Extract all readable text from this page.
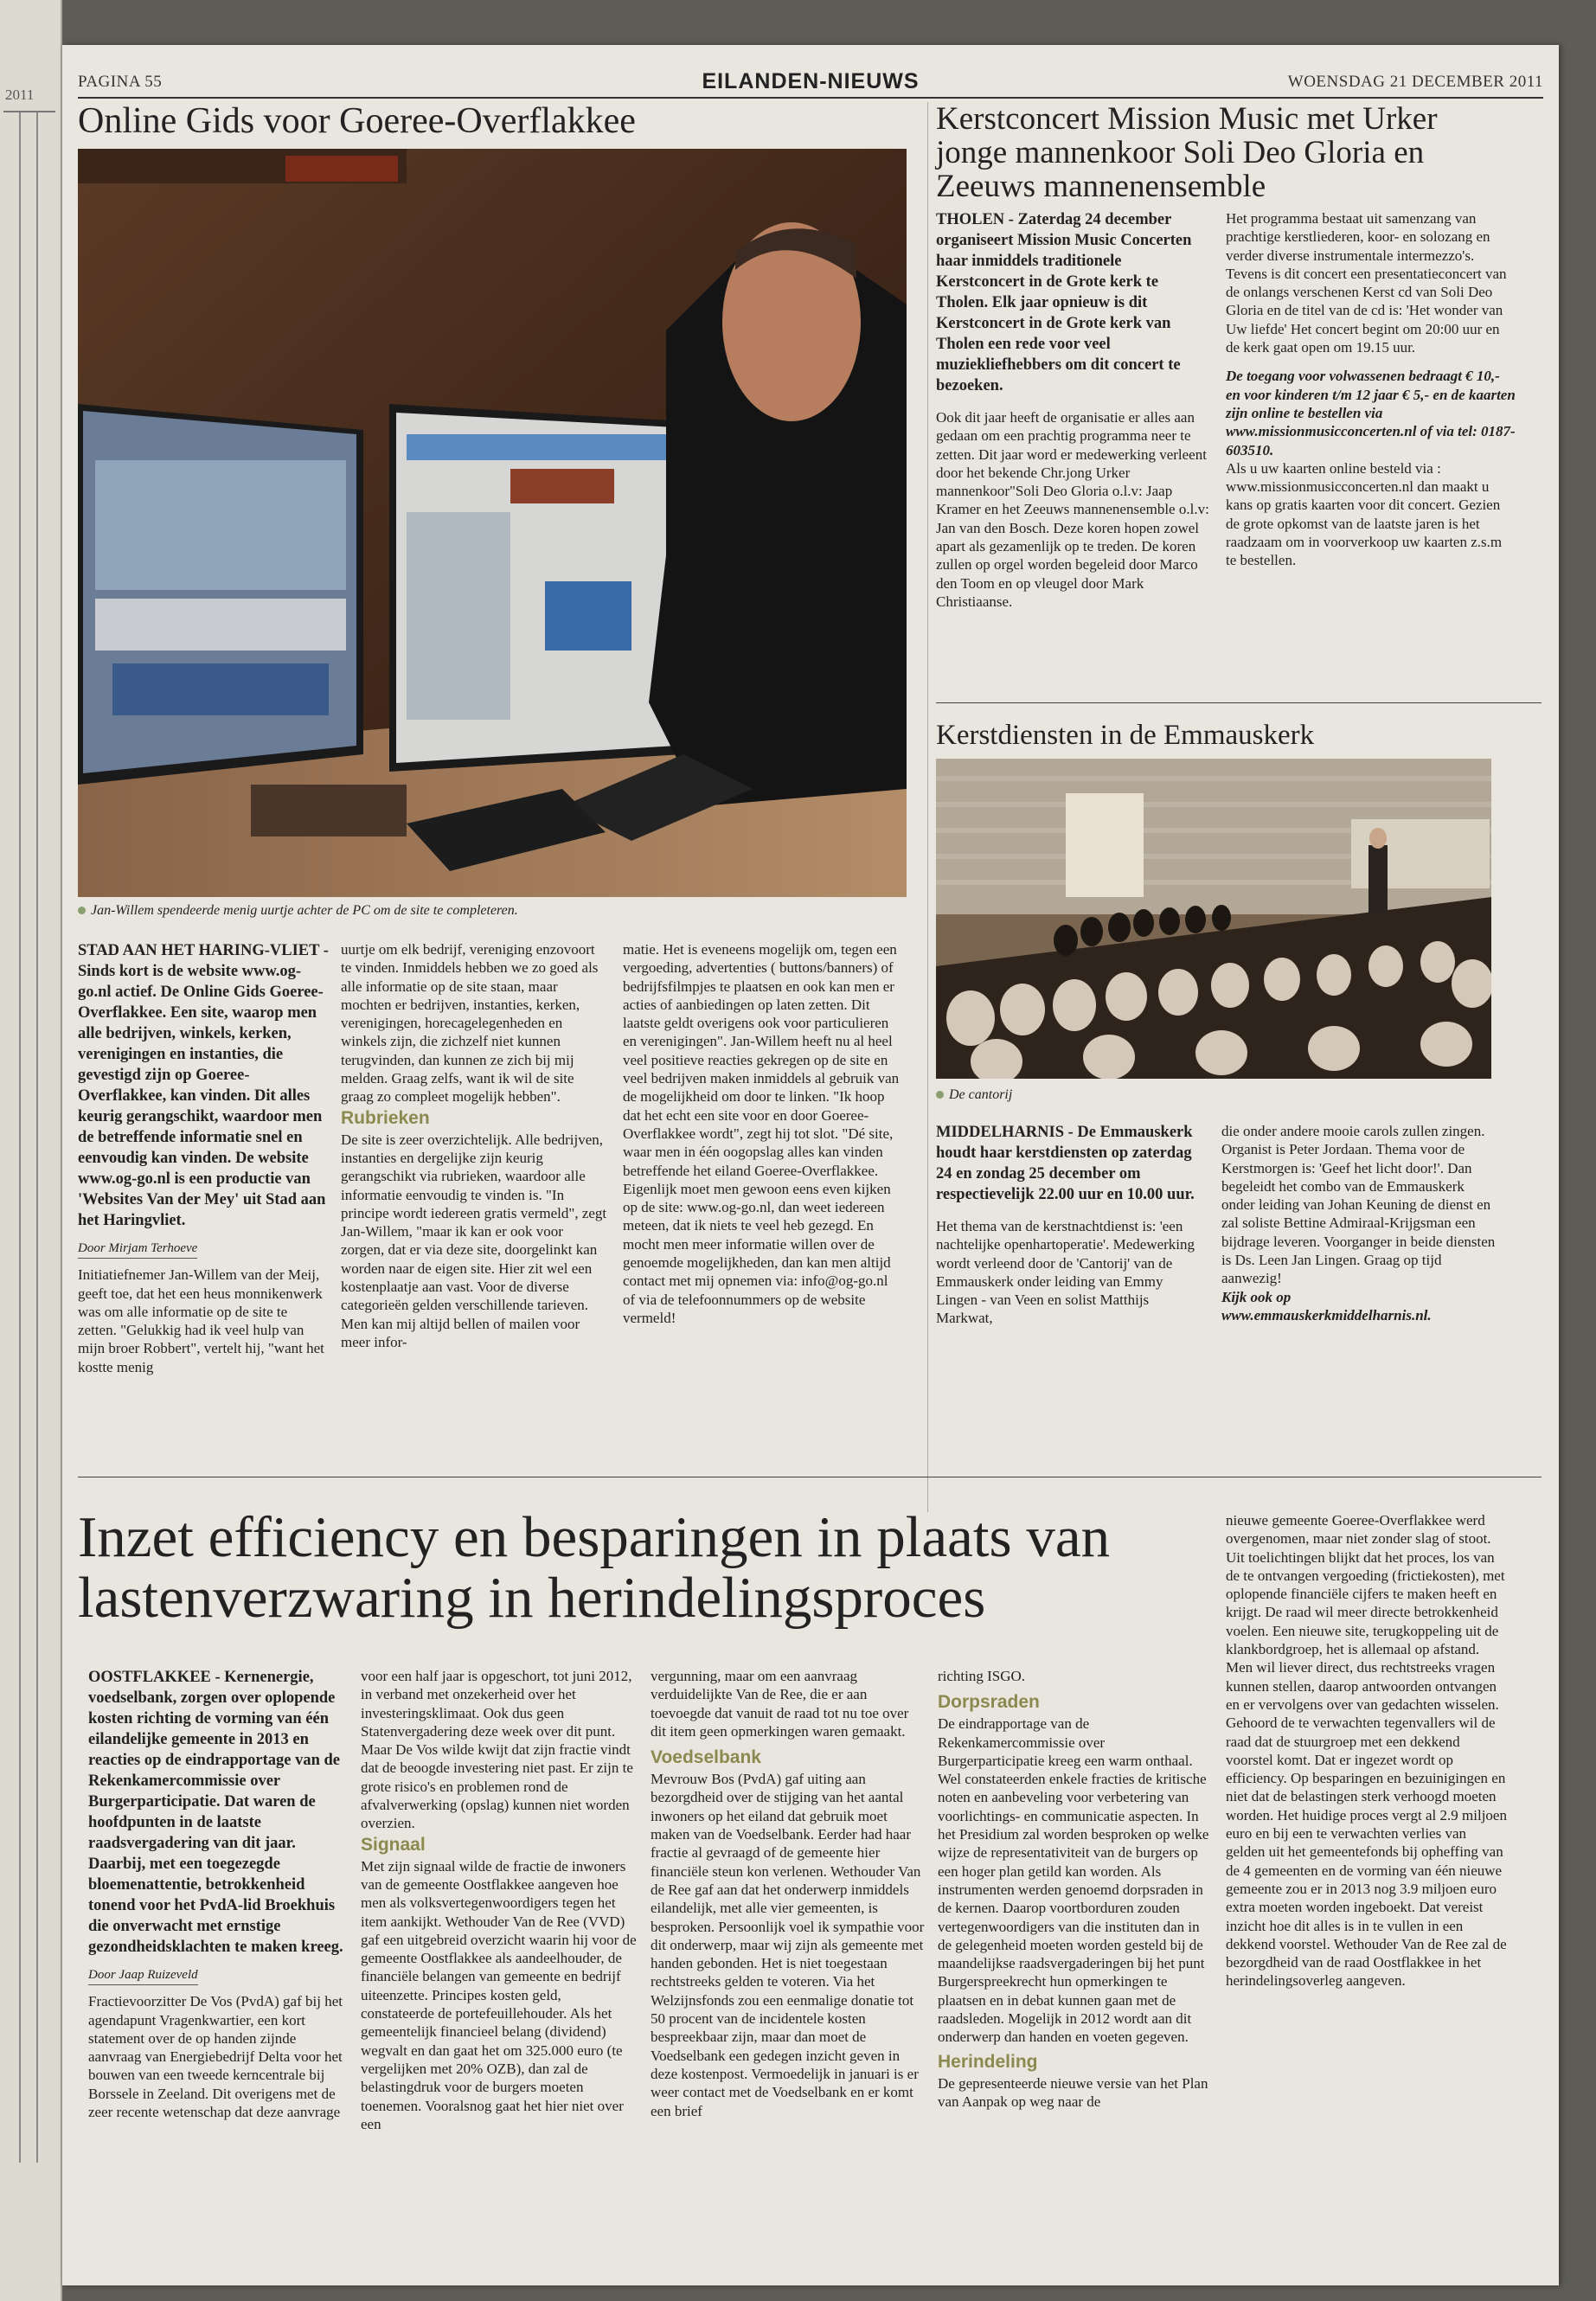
2011
PAGINA 55	EILANDEN-NIEUWS	WOENSDAG 21 DECEMBER 2011
Online Gids voor Goeree-Overflakkee
Jan-Willem spendeerde menig uurtje achter de PC om de site te completeren.

STAD AAN HET HARING-VLIET - Sinds kort is de website www.og-go.nl actief. De Online Gids Goeree-Overflakkee. Een site, waarop men alle bedrijven, winkels, kerken, verenigingen en instanties, die gevestigd zijn op Goeree-Overflakkee, kan vinden. Dit alles keurig gerangschikt, waardoor men de betreffende informatie snel en eenvoudig kan vinden. De website www.og-go.nl is een productie van 'Websites Van der Mey' uit Stad aan het Haringvliet.

Door Mirjam Terhoeve

Initiatiefnemer Jan-Willem van der Meij, geeft toe, dat het een heus monnikenwerk was om alle informatie op de site te zetten. "Gelukkig had ik veel hulp van mijn broer Robbert", vertelt hij, "want het kostte menig

uurtje om elk bedrijf, vereniging enzovoort te vinden. Inmiddels hebben we zo goed als alle informatie op de site staan, maar mochten er bedrijven, instanties, kerken, verenigingen, horecagelegenheden en winkels zijn, die zichzelf niet kunnen terugvinden, dan kunnen ze zich bij mij melden. Graag zelfs, want ik wil de site graag zo compleet mogelijk hebben".

Rubrieken

De site is zeer overzichtelijk. Alle bedrijven, instanties en dergelijke zijn keurig gerangschikt via rubrieken, waardoor alle informatie eenvoudig te vinden is. "In principe wordt iedereen gratis vermeld", zegt Jan-Willem, "maar ik kan er ook voor zorgen, dat er via deze site, doorgelinkt kan worden naar de eigen site. Hier zit wel een kostenplaatje aan vast. Voor de diverse categorieën gelden verschillende tarieven. Men kan mij altijd bellen of mailen voor meer infor-

matie. Het is eveneens mogelijk om, tegen een vergoeding, advertenties ( buttons/banners) of bedrijfsfilmpjes te plaatsen en ook kan men er acties of aanbiedingen op laten zetten. Dit laatste geldt overigens ook voor particulieren en verenigingen". Jan-Willem heeft nu al heel veel positieve reacties gekregen op de site en veel bedrijven maken inmiddels al gebruik van de mogelijkheid om door te linken. "Ik hoop dat het echt een site voor en door Goeree-Overflakkee wordt", zegt hij tot slot. "Dé site, waar men in één oogopslag alles kan vinden betreffende het eiland Goeree-Overflakkee. Eigenlijk moet men gewoon eens even kijken op de site: www.og-go.nl, dan weet iedereen meteen, dat ik niets te veel heb gezegd. En mocht men meer informatie willen over de genoemde mogelijkheden, dan kan men altijd contact met mij opnemen via: info@og-go.nl of via de telefoonnummers op de website vermeld!

Kerstconcert Mission Music met Urker
jonge mannenkoor Soli Deo Gloria en
Zeeuws mannenensemble

THOLEN - Zaterdag 24 december organiseert Mission Music Concerten haar inmiddels traditionele Kerstconcert in de Grote kerk te Tholen. Elk jaar opnieuw is dit Kerstconcert in de Grote kerk van Tholen een rede voor veel muziekliefhebbers om dit concert te bezoeken.

Ook dit jaar heeft de organisatie er alles aan gedaan om een prachtig programma neer te zetten. Dit jaar word er medewerking verleent door het bekende Chr.jong Urker mannenkoor"Soli Deo Gloria o.l.v: Jaap Kramer en het Zeeuws mannenensemble o.l.v: Jan van den Bosch. Deze koren hopen zowel apart als gezamenlijk op te treden. De koren zullen op orgel worden begeleid door Marco den Toom en op vleugel door Mark Christiaanse.

Het programma bestaat uit samenzang van prachtige kerstliederen, koor- en solozang en verder diverse instrumentale intermezzo's. Tevens is dit concert een presentatieconcert van de onlangs verschenen Kerst cd van Soli Deo Gloria en de titel van de cd is: 'Het wonder van Uw liefde' Het concert begint om 20:00 uur en de kerk gaat open om 19.15 uur.

De toegang voor volwassenen bedraagt € 10,- en voor kinderen t/m 12 jaar € 5,- en de kaarten zijn online te bestellen via www.missionmusicconcerten.nl of via tel: 0187-603510.

Als u uw kaarten online besteld via : www.missionmusicconcerten.nl dan maakt u kans op gratis kaarten voor dit concert. Gezien de grote opkomst van de laatste jaren is het raadzaam om in voorverkoop uw kaarten z.s.m te bestellen.

Kerstdiensten in de Emmauskerk
De cantorij

MIDDELHARNIS - De Emmauskerk houdt haar kerstdiensten op zaterdag 24 en zondag 25 december om respectievelijk 22.00 uur en 10.00 uur.

Het thema van de kerstnachtdienst is: 'een nachtelijke openhartoperatie'. Medewerking wordt verleend door de 'Cantorij' van de Emmauskerk onder leiding van Emmy Lingen - van Veen en solist Matthijs Markwat,

die onder andere mooie carols zullen zingen. Organist is Peter Jordaan. Thema voor de Kerstmorgen is: 'Geef het licht door!'. Dan begeleidt het combo van de Emmauskerk onder leiding van Johan Keuning de dienst en zal soliste Bettine Admiraal-Krijgsman een bijdrage leveren. Voorganger in beide diensten is Ds. Leen Jan Lingen. Graag op tijd aanwezig!

Kijk ook op www.emmauskerkmiddelharnis.nl.

Inzet efficiency en besparingen in plaats van
lastenverzwaring in herindelingsproces

OOSTFLAKKEE - Kernenergie, voedselbank, zorgen over oplopende kosten richting de vorming van één eilandelijke gemeente in 2013 en reacties op de eindrapportage van de Rekenkamercommissie over Burgerparticipatie. Dat waren de hoofdpunten in de laatste raadsvergadering van dit jaar. Daarbij, met een toegezegde bloemenattentie, betrokkenheid tonend voor het PvdA-lid Broekhuis die onverwacht met ernstige gezondheidsklachten te maken kreeg.

Door Jaap Ruizeveld

Fractievoorzitter De Vos (PvdA) gaf bij het agendapunt Vragenkwartier, een kort statement over de op handen zijnde aanvraag van Energiebedrijf Delta voor het bouwen van een tweede kerncentrale bij Borssele in Zeeland. Dit overigens met de zeer recente wetenschap dat deze aanvrage

voor een half jaar is opgeschort, tot juni 2012, in verband met onzekerheid over het investeringsklimaat. Ook dus geen Statenvergadering deze week over dit punt. Maar De Vos wilde kwijt dat zijn fractie vindt dat de beoogde investering niet past. Er zijn te grote risico's en problemen rond de afvalverwerking (opslag) kunnen niet worden overzien.

Signaal

Met zijn signaal wilde de fractie de inwoners van de gemeente Oostflakkee aangeven hoe men als volksvertegenwoordigers tegen het item aankijkt. Wethouder Van de Ree (VVD) gaf een uitgebreid overzicht waarin hij voor de gemeente Oostflakkee als aandeelhouder, de financiële belangen van gemeente en bedrijf uiteenzette. Principes kosten geld, constateerde de portefeuillehouder. Als het gemeentelijk financieel belang (dividend) wegvalt en dan gaat het om 325.000 euro (te vergelijken met 20% OZB), dan zal de belastingdruk voor de burgers moeten toenemen. Vooralsnog gaat het hier niet over een

vergunning, maar om een aanvraag verduidelijkte Van de Ree, die er aan toevoegde dat vanuit de raad tot nu toe over dit item geen opmerkingen waren gemaakt.

Voedselbank

Mevrouw Bos (PvdA) gaf uiting aan bezorgdheid over de stijging van het aantal inwoners op het eiland dat gebruik moet maken van de Voedselbank. Eerder had haar fractie al gevraagd of de gemeente hier financiële steun kon verlenen. Wethouder Van de Ree gaf aan dat het onderwerp inmiddels eilandelijk, met alle vier gemeenten, is besproken. Persoonlijk voel ik sympathie voor dit onderwerp, maar wij zijn als gemeente met handen gebonden. Het is niet toegestaan rechtstreeks gelden te voteren. Via het Welzijnsfonds zou een eenmalige donatie tot 50 procent van de incidentele kosten bespreekbaar zijn, maar dan moet de Voedselbank een gedegen inzicht geven in deze kostenpost. Vermoedelijk in januari is er weer contact met de Voedselbank en er komt een brief

richting ISGO.

Dorpsraden

De eindrapportage van de Rekenkamercommissie over Burgerparticipatie kreeg een warm onthaal. Wel constateerden enkele fracties de kritische noten en aanbeveling voor verbetering van voorlichtings- en communicatie aspecten. In het Presidium zal worden besproken op welke wijze de representativiteit van de burgers op een hoger plan getild kan worden. Als instrumenten werden genoemd dorpsraden in de kernen. Daarop voortborduren zouden vertegenwoordigers van die instituten dan in de gelegenheid moeten worden gesteld bij de maandelijkse raadsvergaderingen bij het punt Burgerspreekrecht hun opmerkingen te plaatsen en in debat kunnen gaan met de raadsleden. Mogelijk in 2012 wordt aan dit onderwerp dan handen en voeten gegeven.

Herindeling

De gepresenteerde nieuwe versie van het Plan van Aanpak op weg naar de

nieuwe gemeente Goeree-Overflakkee werd overgenomen, maar niet zonder slag of stoot. Uit toelichtingen blijkt dat het proces, los van de te ontvangen vergoeding (frictiekosten), met oplopende financiële cijfers te maken heeft en krijgt. De raad wil meer directe betrokkenheid voelen. Een nieuwe site, terugkoppeling uit de klankbordgroep, het is allemaal op afstand. Men wil liever direct, dus rechtstreeks vragen kunnen stellen, daarop antwoorden ontvangen en er vervolgens over van gedachten wisselen. Gehoord de te verwachten tegenvallers wil de raad dat de stuurgroep met een dekkend voorstel komt. Dat er ingezet wordt op efficiency. Op besparingen en bezuinigingen en niet dat de belastingen sterk verhoogd moeten worden. Het huidige proces vergt al 2.9 miljoen euro en bij een te verwachten verlies van gelden uit het gemeentefonds bij opheffing van de 4 gemeenten en de vorming van één nieuwe gemeente zou er in 2013 nog 3.9 miljoen euro extra moeten worden ingeboekt. Dat vereist inzicht hoe dit alles is in te vullen in een dekkend voorstel. Wethouder Van de Ree zal de bezorgdheid van de raad Oostflakkee in het herindelingsoverleg aangeven.
